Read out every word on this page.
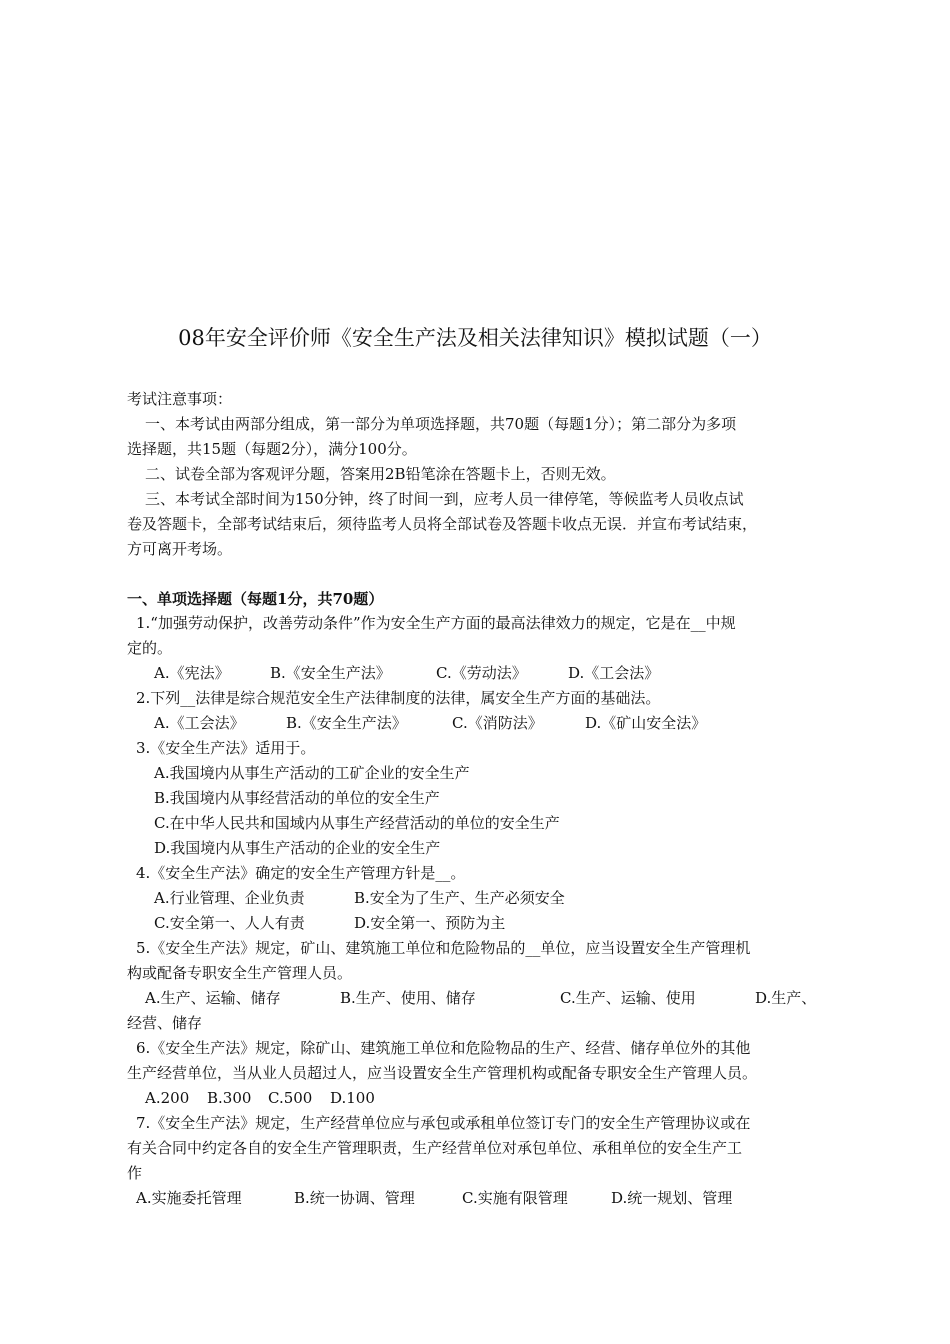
08年安全评价师《安全生产法及相关法律知识》模拟试题（一）
考试注意事项：
一、本考试由两部分组成，第一部分为单项选择题，共70题（每题1分）；第二部分为多项
选择题，共15题（每题2分），满分100分。
二、试卷全部为客观评分题，答案用2B铅笔涂在答题卡上，否则无效。
三、本考试全部时间为150分钟，终了时间一到，应考人员一律停笔，等候监考人员收点试
卷及答题卡，全部考试结束后，须待监考人员将全部试卷及答题卡收点无误．并宣布考试结束，
方可离开考场。
一、单项选择题（每题1分，共70题）
1.“加强劳动保护，改善劳动条件”作为安全生产方面的最高法律效力的规定，它是在__中规
定的。
A.《宪法》	B.《安全生产法》	C.《劳动法》	D.《工会法》
2.下列__法律是综合规范安全生产法律制度的法律，属安全生产方面的基础法。
A.《工会法》	B.《安全生产法》	C.《消防法》	D.《矿山安全法》
3.《安全生产法》适用于。
A.我国境内从事生产活动的工矿企业的安全生产
B.我国境内从事经营活动的单位的安全生产
C.在中华人民共和国域内从事生产经营活动的单位的安全生产
D.我国境内从事生产活动的企业的安全生产
4.《安全生产法》确定的安全生产管理方针是__。
A.行业管理、企业负责	B.安全为了生产、生产必须安全
C.安全第一、人人有责	D.安全第一、预防为主
5.《安全生产法》规定，矿山、建筑施工单位和危险物品的__单位，应当设置安全生产管理机
构或配备专职安全生产管理人员。
A.生产、运输、储存	B.生产、使用、储存	C.生产、运输、使用	D.生产、
经营、储存
6.《安全生产法》规定，除矿山、建筑施工单位和危险物品的生产、经营、储存单位外的其他
生产经营单位，当从业人员超过人，应当设置安全生产管理机构或配备专职安全生产管理人员。
A.200 B.300 C.500 D.100
7.《安全生产法》规定，生产经营单位应与承包或承租单位签订专门的安全生产管理协议或在
有关合同中约定各自的安全生产管理职责，生产经营单位对承包单位、承租单位的安全生产工
作
A.实施委托管理	B.统一协调、管理	C.实施有限管理	D.统一规划、管理
